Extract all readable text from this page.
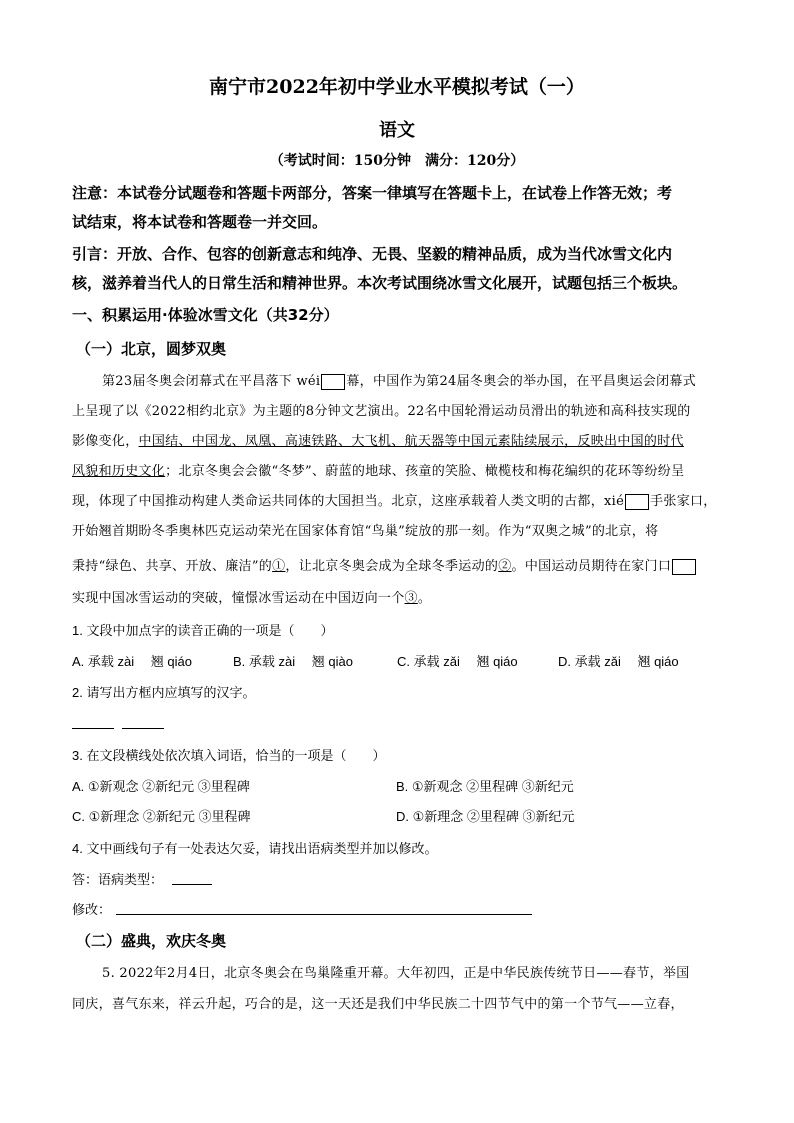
南宁市2022年初中学业水平模拟考试（一）
语文
（考试时间：150分钟　满分：120分）
注意：本试卷分试题卷和答题卡两部分，答案一律填写在答题卡上，在试卷上作答无效；考
试结束，将本试卷和答题卷一并交回。
引言：开放、合作、包容的创新意志和纯净、无畏、坚毅的精神品质，成为当代冰雪文化内
核，滋养着当代人的日常生活和精神世界。本次考试围绕冰雪文化展开，试题包括三个板块。
一、积累运用·体验冰雪文化（共32分）
（一）北京，圆梦双奥
第23届冬奥会闭幕式在平昌落下 wéi 幕，中国作为第24届冬奥会的举办国，在平昌奥运会闭幕式
上呈现了以《2022相约北京》为主题的8分钟文艺演出。22名中国轮滑运动员滑出的轨迹和高科技实现的
影像变化，中国结、中国龙、凤凰、高速铁路、大飞机、航天器等中国元素陆续展示，反映出中国的时代
风貌和历史文化；北京冬奥会会徽“冬梦”、蔚蓝的地球、孩童的笑脸、橄榄枝和梅花编织的花环等纷纷呈
现，体现了中国推动构建人类命运共同体的大国担当。北京，这座承载着人类文明的古都，xié 手张家口，
开始翘首期盼冬季奥林匹克运动荣光在国家体育馆“鸟巢”绽放的那一刻。作为“双奥之城”的北京，将
秉持“绿色、共享、开放、廉洁”的①，让北京冬奥会成为全球冬季运动的②。中国运动员期待在家门口
实现中国冰雪运动的突破，憧憬冰雪运动在中国迈向一个③。
1. 文段中加点字的读音正确的一项是（　　）
A. 承载 zài　 翘 qiáo	B. 承载 zài　 翘 qiào	C. 承载 zǎi　 翘 qiáo	D. 承载 zǎi　 翘 qiáo
2. 请写出方框内应填写的汉字。
3. 在文段横线处依次填入词语，恰当的一项是（　　）
A. ①新观念 ②新纪元 ③里程碑	B. ①新观念 ②里程碑 ③新纪元
C. ①新理念 ②新纪元 ③里程碑	D. ①新理念 ②里程碑 ③新纪元
4. 文中画线句子有一处表达欠妥，请找出语病类型并加以修改。
答：语病类型：
修改：
（二）盛典，欢庆冬奥
5. 2022年2月4日，北京冬奥会在鸟巢隆重开幕。大年初四，正是中华民族传统节日——春节，举国
同庆，喜气东来，祥云升起，巧合的是，这一天还是我们中华民族二十四节气中的第一个节气——立春，
